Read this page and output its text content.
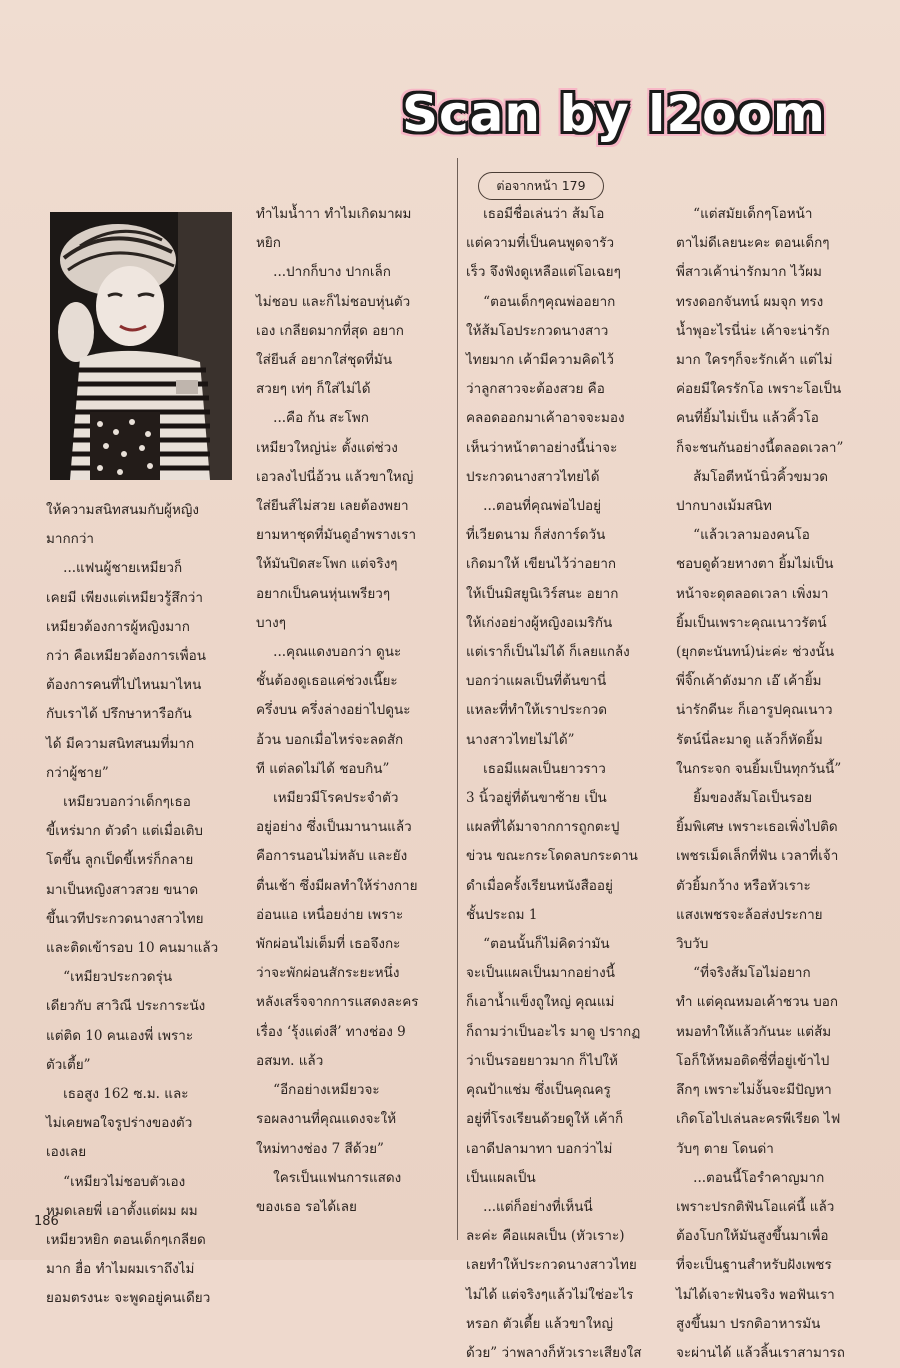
Scan by l2oom
ให้ความสนิทสนมกับผู้หญิง
มากกว่า
...แฟนผู้ชายเหมียวก็
เคยมี เพียงแต่เหมียวรู้สึกว่า
เหมียวต้องการผู้หญิงมาก
กว่า คือเหมียวต้องการเพื่อน
ต้องการคนที่ไปไหนมาไหน
กับเราได้ ปรึกษาหารือกัน
ได้ มีความสนิทสนมที่มาก
กว่าผู้ชาย”
เหมียวบอกว่าเด็กๆเธอ
ขี้เหร่มาก ตัวดำ แต่เมื่อเติบ
โตขึ้น ลูกเป็ดขี้เหร่ก็กลาย
มาเป็นหญิงสาวสวย ขนาด
ขึ้นเวทีประกวดนางสาวไทย
และติดเข้ารอบ 10 คนมาแล้ว
“เหมียวประกวดรุ่น
เดียวกับ สาวิณี ประการะนัง
แต่ติด 10 คนเองพี่ เพราะ
ตัวเตี้ย”
เธอสูง 162 ซ.ม. และ
ไม่เคยพอใจรูปร่างของตัว
เองเลย
“เหมียวไม่ชอบตัวเอง
หมดเลยพี่ เอาตั้งแต่ผม ผม
เหมียวหยิก ตอนเด็กๆเกลียด
มาก ฮื่อ ทำไมผมเราถึงไม่
ยอมตรงนะ จะพูดอยู่คนเดียว
ทำไมน้ำาา ทำไมเกิดมาผม
หยิก
...ปากก็บาง ปากเล็ก
ไม่ชอบ และก็ไม่ชอบหุ่นตัว
เอง เกลียดมากที่สุด อยาก
ใส่ยีนส์ อยากใส่ชุดที่มัน
สวยๆ เท่ๆ ก็ใส่ไม่ได้
...คือ ก้น สะโพก
เหมียวใหญ่น่ะ ตั้งแต่ช่วง
เอวลงไปนี่อ้วน แล้วขาใหญ่
ใส่ยีนส์ไม่สวย เลยต้องพยา
ยามหาชุดที่มันดูอำพรางเรา
ให้มันปิดสะโพก แต่จริงๆ
อยากเป็นคนหุ่นเพรียวๆ
บางๆ
...คุณแดงบอกว่า ดูนะ
ชั้นต้องดูเธอแค่ช่วงเนี๊ยะ
ครึ่งบน ครึ่งล่างอย่าไปดูนะ
อ้วน บอกเมื่อไหร่จะลดสัก
ที แต่ลดไม่ได้ ชอบกิน”
เหมียวมีโรคประจำตัว
อยู่อย่าง ซึ่งเป็นมานานแล้ว
คือการนอนไม่หลับ และยัง
ตื่นเช้า ซึ่งมีผลทำให้ร่างกาย
อ่อนแอ เหนื่อยง่าย เพราะ
พักผ่อนไม่เต็มที่ เธอจึงกะ
ว่าจะพักผ่อนสักระยะหนึ่ง
หลังเสร็จจากการแสดงละคร
เรื่อง ‘รุ้งแต่งสี’ ทางช่อง 9
อสมท. แล้ว
“อีกอย่างเหมียวจะ
รอผลงานที่คุณแดงจะให้
ใหม่ทางช่อง 7 สีด้วย”
ใครเป็นแฟนการแสดง
ของเธอ รอได้เลย
ต่อจากหน้า 179
เธอมีชื่อเล่นว่า ส้มโอ
แต่ความที่เป็นคนพูดจารัว
เร็ว จึงฟังดูเหลือแต่โอเฉยๆ
“ตอนเด็กๆคุณพ่ออยาก
ให้ส้มโอประกวดนางสาว
ไทยมาก เค้ามีความคิดไว้
ว่าลูกสาวจะต้องสวย คือ
คลอดออกมาเค้าอาจจะมอง
เห็นว่าหน้าตาอย่างนี้น่าจะ
ประกวดนางสาวไทยได้
...ตอนที่คุณพ่อไปอยู่
ที่เวียดนาม ก็ส่งการ์ดวัน
เกิดมาให้ เขียนไว้ว่าอยาก
ให้เป็นมิสยูนิเวิร์สนะ อยาก
ให้เก่งอย่างผู้หญิงอเมริกัน
แต่เราก็เป็นไม่ได้ ก็เลยแกล้ง
บอกว่าแผลเป็นที่ต้นขานี่
แหละที่ทำให้เราประกวด
นางสาวไทยไม่ได้”
เธอมีแผลเป็นยาวราว
3 นิ้วอยู่ที่ต้นขาซ้าย เป็น
แผลที่ได้มาจากการถูกตะปู
ข่วน ขณะกระโดดลบกระดาน
ดำเมื่อครั้งเรียนหนังสืออยู่
ชั้นประถม 1
“ตอนนั้นก็ไม่คิดว่ามัน
จะเป็นแผลเป็นมากอย่างนี้
ก็เอาน้ำแข็งถูใหญ่ คุณแม่
ก็ถามว่าเป็นอะไร มาดู ปรากฏ
ว่าเป็นรอยยาวมาก ก็ไปให้
คุณป้าแช่ม ซึ่งเป็นคุณครู
อยู่ที่โรงเรียนด้วยดูให้ เค้าก็
เอาดีปลามาทา บอกว่าไม่
เป็นแผลเป็น
...แต่ก็อย่างที่เห็นนี่
ละค่ะ คือแผลเป็น (หัวเราะ)
เลยทำให้ประกวดนางสาวไทย
ไม่ได้ แต่จริงๆแล้วไม่ใช่อะไร
หรอก ตัวเตี้ย แล้วขาใหญ่
ด้วย” ว่าพลางก็หัวเราะเสียงใส
“แต่สมัยเด็กๆโอหน้า
ตาไม่ดีเลยนะคะ ตอนเด็กๆ
พี่สาวเค้าน่ารักมาก ไว้ผม
ทรงดอกจันทน์ ผมจุก ทรง
น้ำพุอะไรนี่น่ะ เค้าจะน่ารัก
มาก ใครๆก็จะรักเค้า แต่ไม่
ค่อยมีใครรักโอ เพราะโอเป็น
คนที่ยิ้มไม่เป็น แล้วคิ้วโอ
ก็จะชนกันอย่างนี้ตลอดเวลา”
ส้มโอตีหน้านิ่วคิ้วขมวด
ปากบางเม้มสนิท
“แล้วเวลามองคนโอ
ชอบดูด้วยหางตา ยิ้มไม่เป็น
หน้าจะดุตลอดเวลา เพิ่งมา
ยิ้มเป็นเพราะคุณเนาวรัตน์
(ยุกตะนันทน์)น่ะค่ะ ช่วงนั้น
พี่จิ๊กเค้าดังมาก เอ๊ เค้ายิ้ม
น่ารักดีนะ ก็เอารูปคุณเนาว
รัตน์นี่ละมาดู แล้วก็หัดยิ้ม
ในกระจก จนยิ้มเป็นทุกวันนี้”
ยิ้มของส้มโอเป็นรอย
ยิ้มพิเศษ เพราะเธอเพิ่งไปติด
เพชรเม็ดเล็กที่ฟัน เวลาที่เจ้า
ตัวยิ้มกว้าง หรือหัวเราะ
แสงเพชรจะล้อส่งประกาย
วิบวับ
“ที่จริงส้มโอไม่อยาก
ทำ แต่คุณหมอเค้าชวน บอก
หมอทำให้แล้วกันนะ แต่ส้ม
โอก็ให้หมอติดซี่ที่อยู่เข้าไป
ลึกๆ เพราะไม่งั้นจะมีปัญหา
เกิดโอไปเล่นละครพีเรียด ไฟ
วับๆ ตาย โดนด่า
...ตอนนี้โอรำคาญมาก
เพราะปรกติฟันโอแค่นี้ แล้ว
ต้องโบกให้มันสูงขึ้นมาเพื่อ
ที่จะเป็นฐานสำหรับฝังเพชร
ไม่ได้เจาะฟันจริง พอฟันเรา
สูงขึ้นมา ปรกติอาหารมัน
จะผ่านได้ แล้วลิ้นเราสามารถ
186
